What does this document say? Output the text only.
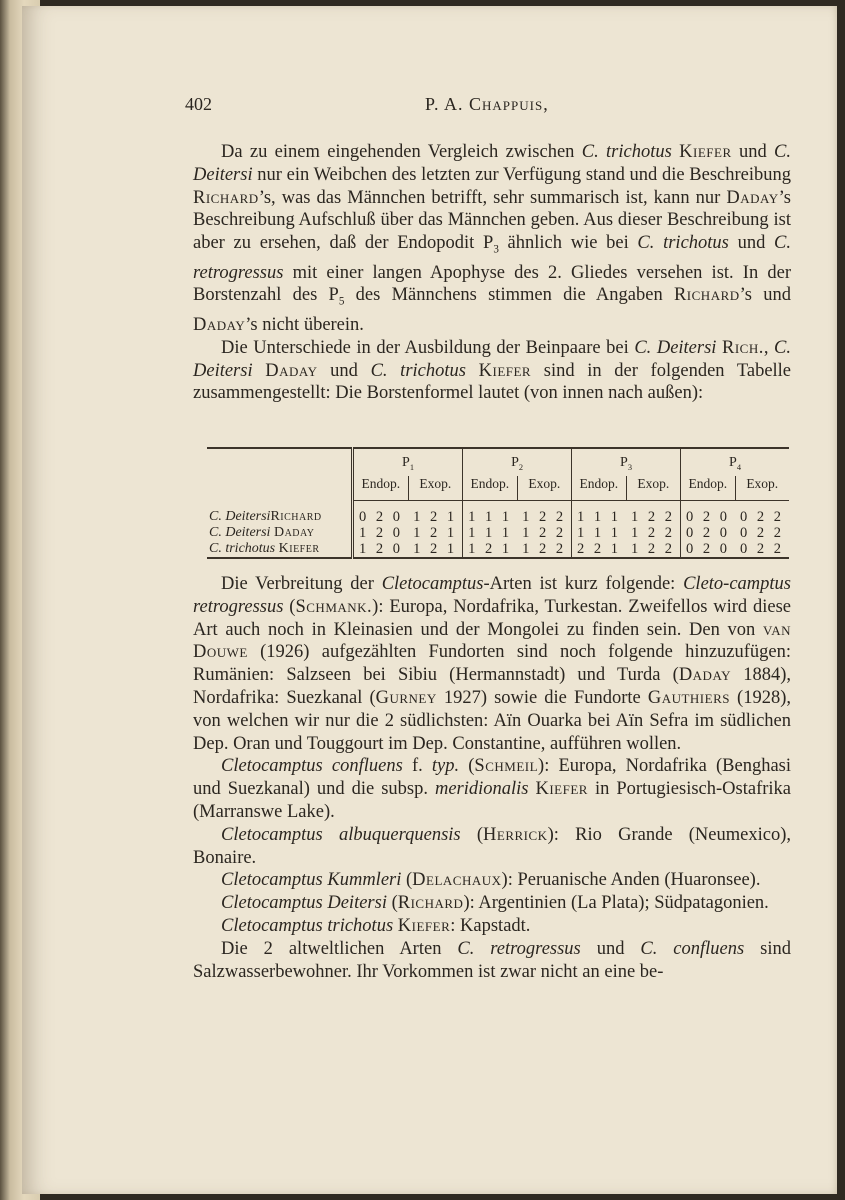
402	P. A. Chappuis,

Da zu einem eingehenden Vergleich zwischen C. trichotus Kiefer und C. Deitersi nur ein Weibchen des letzten zur Verfügung stand und die Beschreibung Richard’s, was das Männchen betrifft, sehr summarisch ist, kann nur Daday’s Beschreibung Aufschluß über das Männchen geben. Aus dieser Beschreibung ist aber zu ersehen, daß der Endopodit $P_3$ ähnlich wie bei C. trichotus und C. retrogressus mit einer langen Apophyse des 2. Gliedes versehen ist. In der Borstenzahl des $P_5$ des Männchens stimmen die Angaben Richard’s und Daday’s nicht überein.

Die Unterschiede in der Ausbildung der Beinpaare bei C. Deitersi Rich., C. Deitersi Daday und C. trichotus Kiefer sind in der folgenden Tabelle zusammengestellt: Die Borstenformel lautet (von innen nach außen):

	$P_1$		$P_2$		$P_3$		$P_4$
	Endop.	Exop.	Endop.	Exop.	Endop.	Exop.	Endop.	Exop.

C. DeitersiRichard	0 2 0	1 2 1	1 1 1	1 2 2	1 1 1	1 2 2	0 2 0	0 2 2
C. Deitersi Daday	1 2 0	1 2 1	1 1 1	1 2 2	1 1 1	1 2 2	0 2 0	0 2 2
C. trichotus Kiefer	1 2 0	1 2 1	1 2 1	1 2 2	2 2 1	1 2 2	0 2 0	0 2 2

Die Verbreitung der Cletocamptus-Arten ist kurz folgende: Cleto-camptus retrogressus (Schmank.): Europa, Nordafrika, Turkestan. Zweifellos wird diese Art auch noch in Kleinasien und der Mongolei zu finden sein. Den von van Douwe (1926) aufgezählten Fundorten sind noch folgende hinzuzufügen: Rumänien: Salzseen bei Sibiu (Hermannstadt) und Turda (Daday 1884), Nordafrika: Suezkanal (Gurney 1927) sowie die Fundorte Gauthiers (1928), von welchen wir nur die 2 südlichsten: Aïn Ouarka bei Aïn Sefra im südlichen Dep. Oran und Touggourt im Dep. Constantine, aufführen wollen.

Cletocamptus confluens f. typ. (Schmeil): Europa, Nordafrika (Benghasi und Suezkanal) und die subsp. meridionalis Kiefer in Portugiesisch-Ostafrika (Marranswe Lake).

Cletocamptus albuquerquensis (Herrick): Rio Grande (Neumexico), Bonaire.

Cletocamptus Kummleri (Delachaux): Peruanische Anden (Huaronsee).

Cletocamptus Deitersi (Richard): Argentinien (La Plata); Südpatagonien.

Cletocamptus trichotus Kiefer: Kapstadt.

Die 2 altweltlichen Arten C. retrogressus und C. confluens sind Salzwasserbewohner. Ihr Vorkommen ist zwar nicht an eine be-
